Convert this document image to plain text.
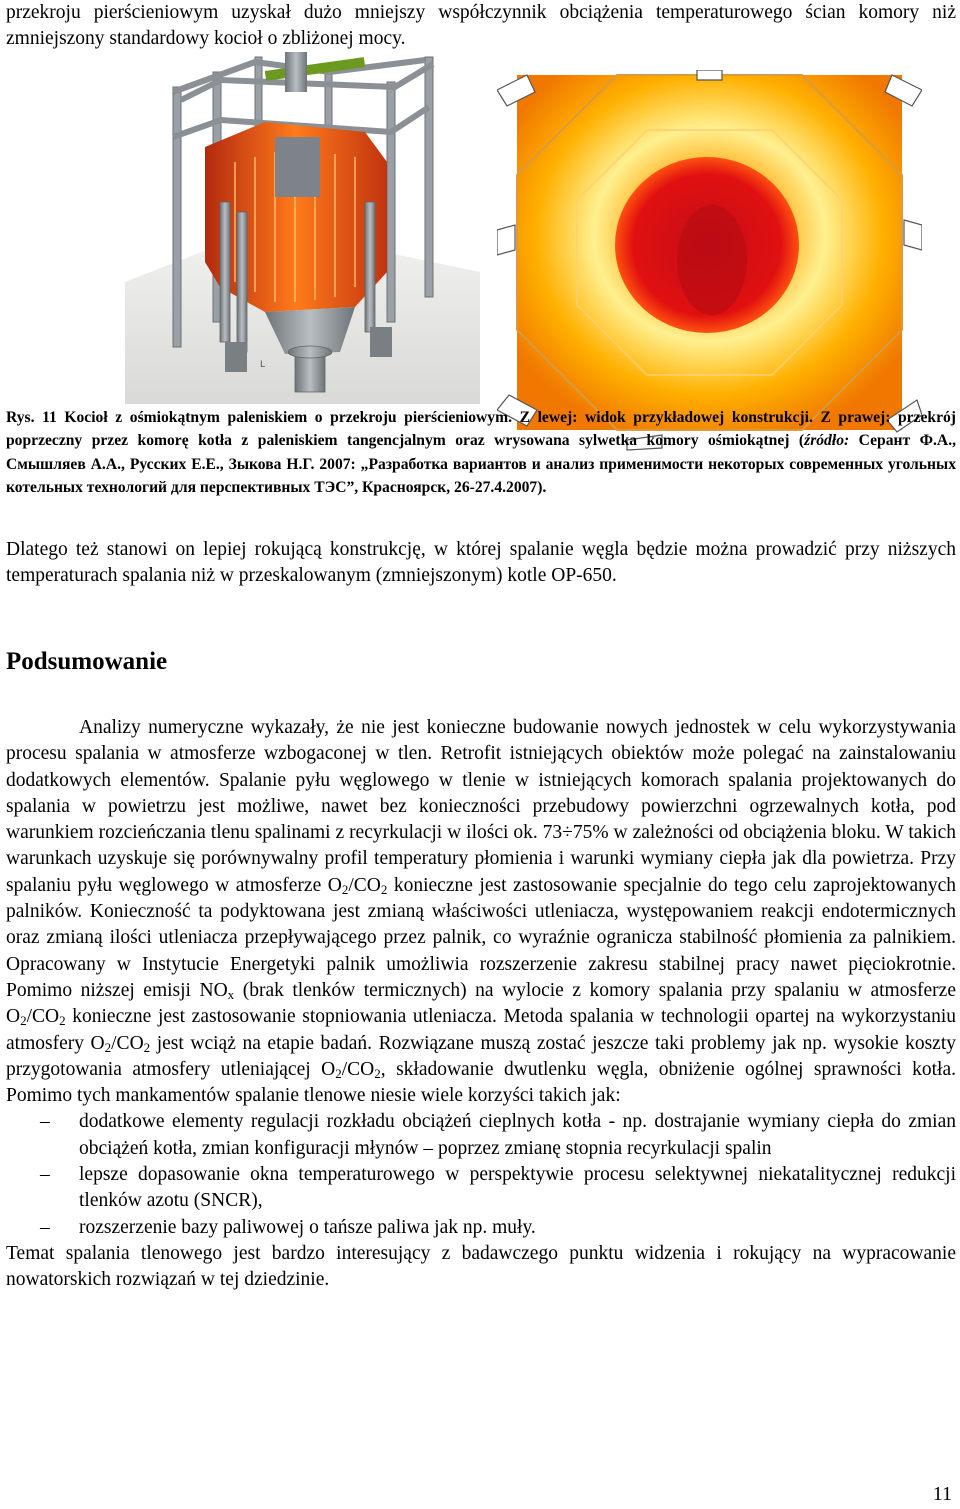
przekroju pierścieniowym uzyskał dużo mniejszy współczynnik obciążenia temperaturowego ścian komory niż zmniejszony standardowy kocioł o zbliżonej mocy.
L
Rys. 11 Kocioł z ośmiokątnym paleniskiem o przekroju pierścieniowym. Z lewej: widok przykładowej konstrukcji. Z prawej: przekrój poprzeczny przez komorę kotła z paleniskiem tangencjalnym oraz wrysowana sylwetka komory ośmiokątnej (źródło: Серант Ф.А., Смышляев А.А., Русских Е.Е., Зыкова Н.Г. 2007: „Разработка вариантов и анализ применимости некоторых современных угольных котельных технологий для перспективных ТЭС”, Красноярск, 26-27.4.2007).
Dlatego też stanowi on lepiej rokującą konstrukcję, w której spalanie węgla będzie można prowadzić przy niższych temperaturach spalania niż w przeskalowanym (zmniejszonym) kotle OP-650.
Podsumowanie

Analizy numeryczne wykazały, że nie jest konieczne budowanie nowych jednostek w celu wykorzystywania procesu spalania w atmosferze wzbogaconej w tlen. Retrofit istniejących obiektów może polegać na zainstalowaniu dodatkowych elementów. Spalanie pyłu węglowego w tlenie w istniejących komorach spalania projektowanych do spalania w powietrzu jest możliwe, nawet bez konieczności przebudowy powierzchni ogrzewalnych kotła, pod warunkiem rozcieńczania tlenu spalinami z recyrkulacji w ilości ok. 73÷75% w zależności od obciążenia bloku. W takich warunkach uzyskuje się porównywalny profil temperatury płomienia i warunki wymiany ciepła jak dla powietrza. Przy spalaniu pyłu węglowego w atmosferze $O_2/CO_2$ konieczne jest zastosowanie specjalnie do tego celu zaprojektowanych palników. Konieczność ta podyktowana jest zmianą właściwości utleniacza, występowaniem reakcji endotermicznych oraz zmianą ilości utleniacza przepływającego przez palnik, co wyraźnie ogranicza stabilność płomienia za palnikiem. Opracowany w Instytucie Energetyki palnik umożliwia rozszerzenie zakresu stabilnej pracy nawet pięciokrotnie. Pomimo niższej emisji $NO_x$ (brak tlenków termicznych) na wylocie z komory spalania przy spalaniu w atmosferze $O_2/CO_2$ konieczne jest zastosowanie stopniowania utleniacza. Metoda spalania w technologii opartej na wykorzystaniu atmosfery $O_2/CO_2$ jest wciąż na etapie badań. Rozwiązane muszą zostać jeszcze taki problemy jak np. wysokie koszty przygotowania atmosfery utleniającej $O_2/CO_2$, składowanie dwutlenku węgla, obniżenie ogólnej sprawności kotła. Pomimo tych mankamentów spalanie tlenowe niesie wiele korzyści takich jak:

– dodatkowe elementy regulacji rozkładu obciążeń cieplnych kotła - np. dostrajanie wymiany ciepła do zmian obciążeń kotła, zmian konfiguracji młynów – poprzez zmianę stopnia recyrkulacji spalin
– lepsze dopasowanie okna temperaturowego w perspektywie procesu selektywnej niekatalitycznej redukcji tlenków azotu (SNCR),
– rozszerzenie bazy paliwowej o tańsze paliwa jak np. muły.

Temat spalania tlenowego jest bardzo interesujący z badawczego punktu widzenia i rokujący na wypracowanie nowatorskich rozwiązań w tej dziedzinie.

11
